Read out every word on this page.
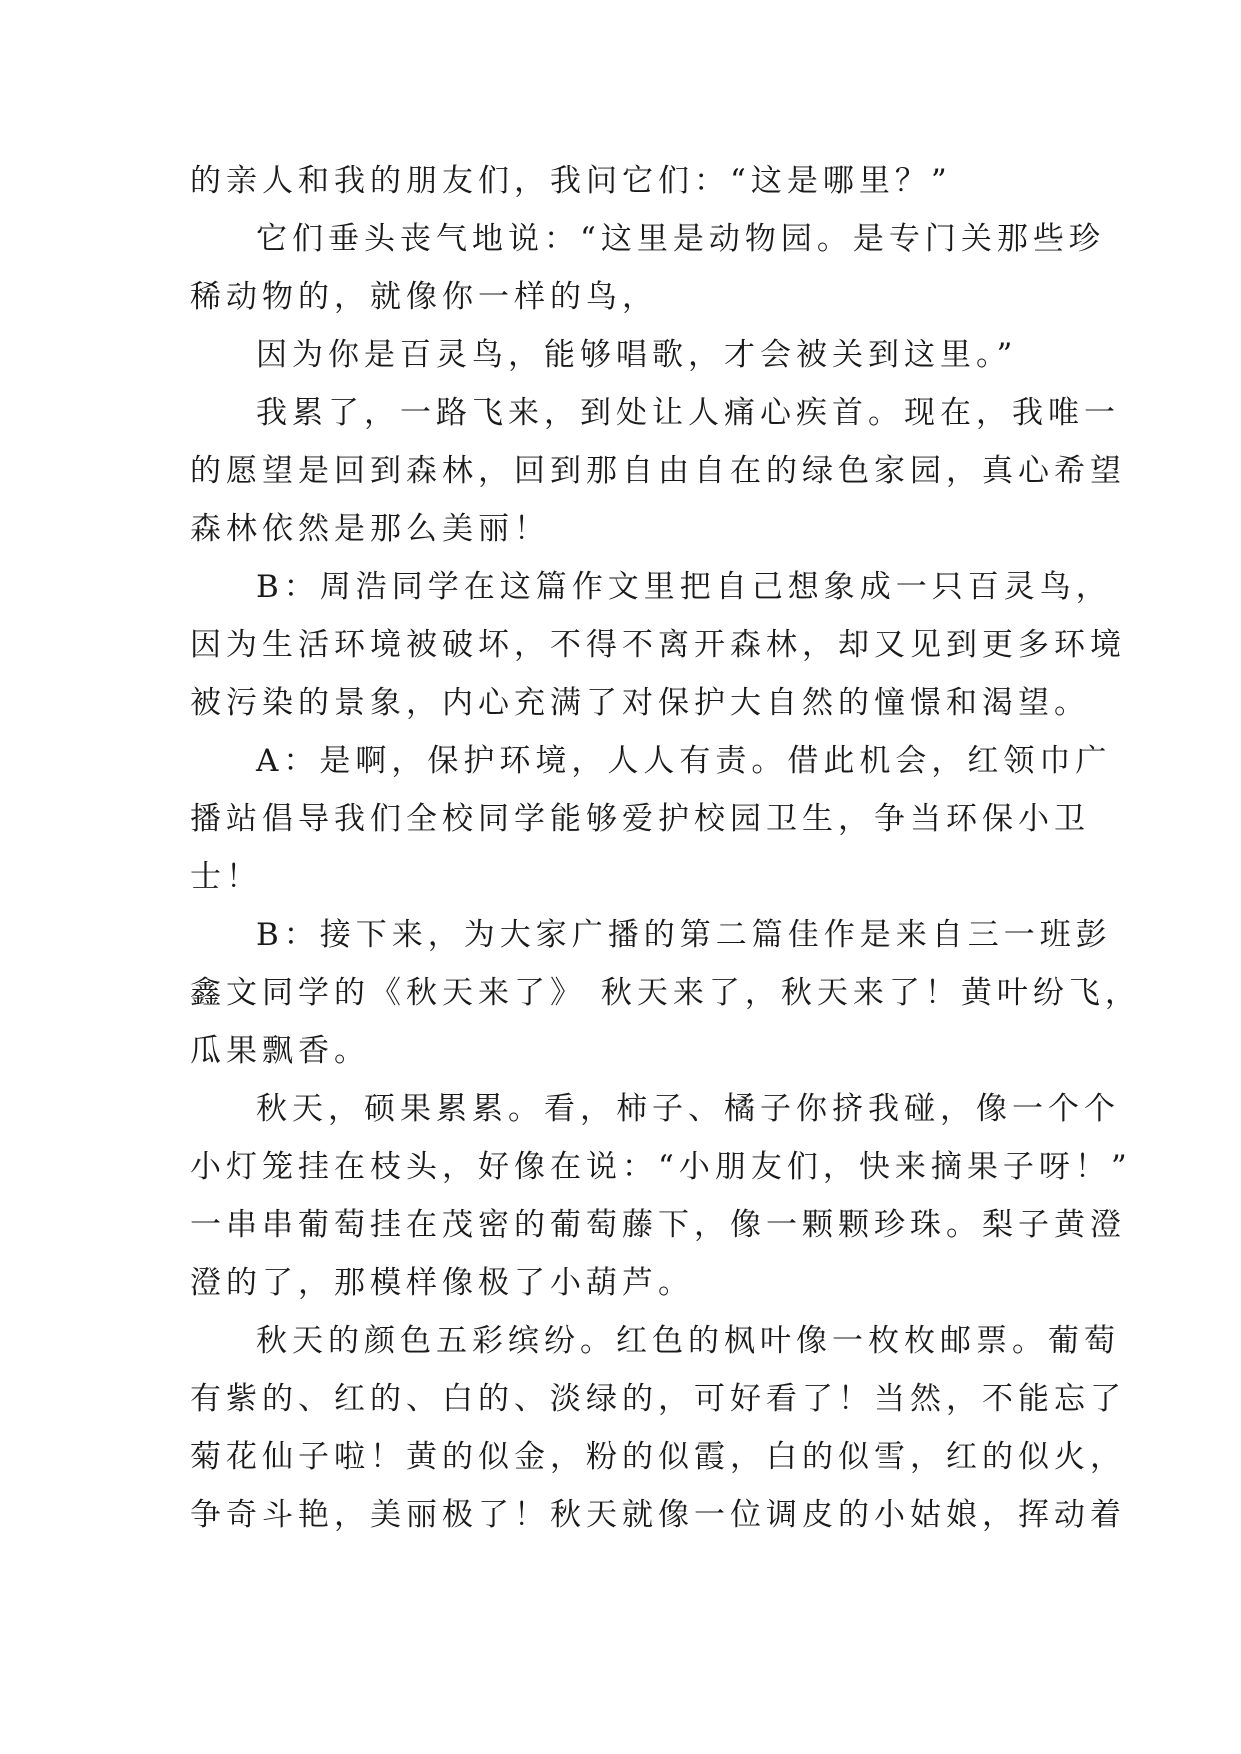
的亲人和我的朋友们，我问它们：“这是哪里？”
它们垂头丧气地说：“这里是动物园。是专门关那些珍
稀动物的，就像你一样的鸟，
因为你是百灵鸟，能够唱歌，才会被关到这里。”
我累了，一路飞来，到处让人痛心疾首。现在，我唯一
的愿望是回到森林，回到那自由自在的绿色家园，真心希望
森林依然是那么美丽！
B：周浩同学在这篇作文里把自己想象成一只百灵鸟，
因为生活环境被破坏，不得不离开森林，却又见到更多环境
被污染的景象，内心充满了对保护大自然的憧憬和渴望。
A：是啊，保护环境，人人有责。借此机会，红领巾广
播站倡导我们全校同学能够爱护校园卫生，争当环保小卫
士！
B：接下来，为大家广播的第二篇佳作是来自三一班彭
鑫文同学的《秋天来了》 秋天来了，秋天来了！黄叶纷飞，
瓜果飘香。
秋天，硕果累累。看，柿子、橘子你挤我碰，像一个个
小灯笼挂在枝头，好像在说：“小朋友们，快来摘果子呀！”
一串串葡萄挂在茂密的葡萄藤下，像一颗颗珍珠。梨子黄澄
澄的了，那模样像极了小葫芦。
秋天的颜色五彩缤纷。红色的枫叶像一枚枚邮票。葡萄
有紫的、红的、白的、淡绿的，可好看了！当然，不能忘了
菊花仙子啦！黄的似金，粉的似霞，白的似雪，红的似火，
争奇斗艳，美丽极了！秋天就像一位调皮的小姑娘，挥动着
